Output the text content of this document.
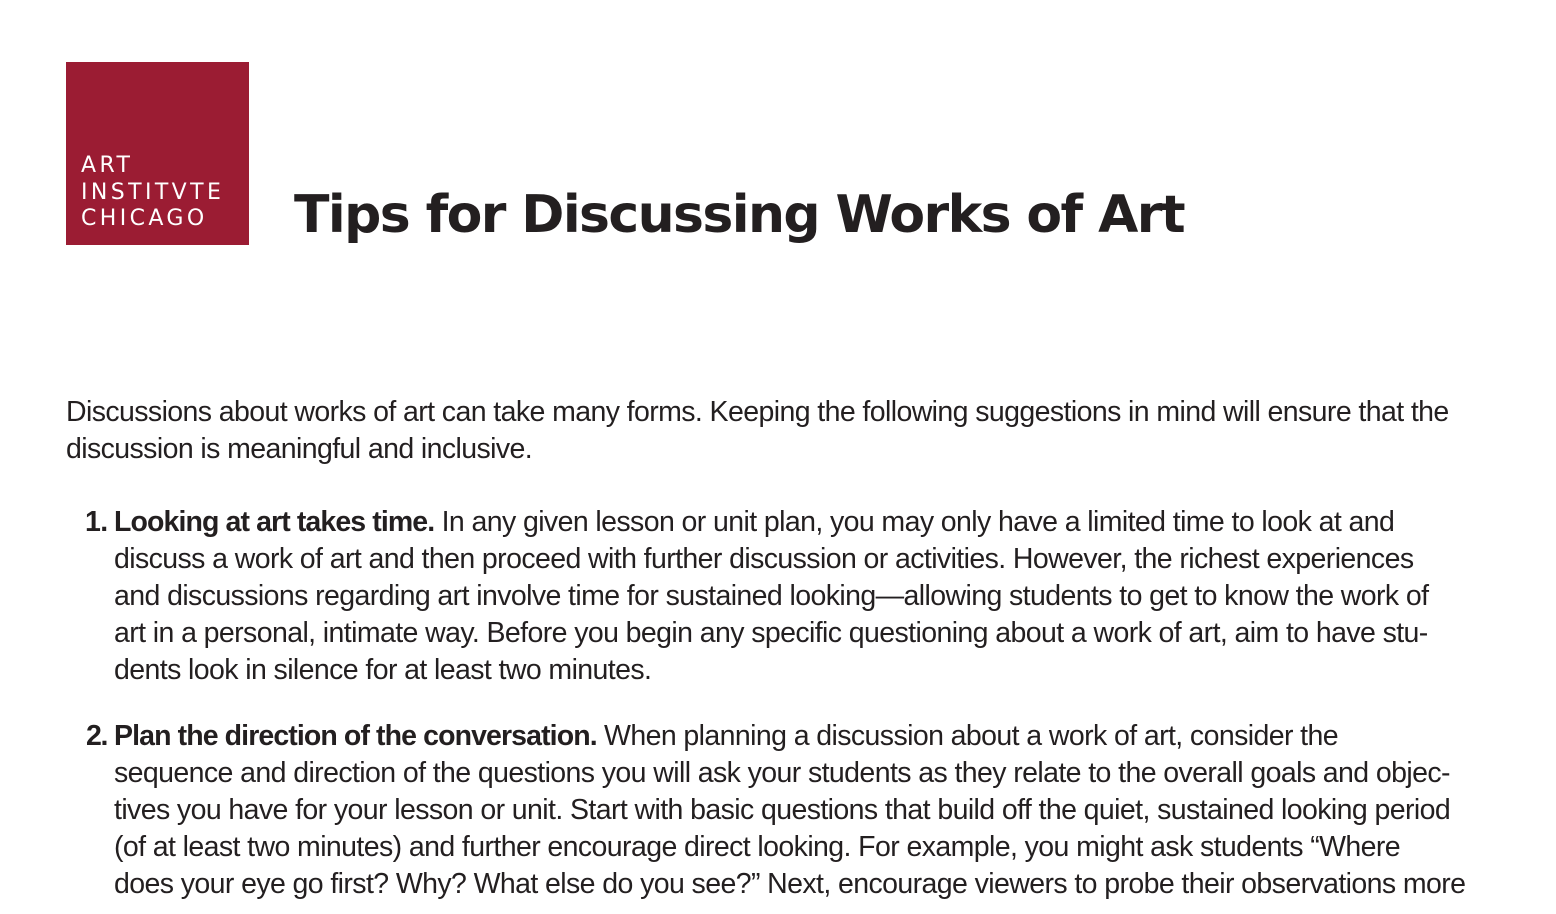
ART
INSTITVTE
CHICAGO	Tips for Discussing Works of Art

Discussions about works of art can take many forms. Keeping the following suggestions in mind will ensure that the
discussion is meaningful and inclusive.

1. Looking at art takes time. In any given lesson or unit plan, you may only have a limited time to look at and
discuss a work of art and then proceed with further discussion or activities. However, the richest experiences
and discussions regarding art involve time for sustained looking—allowing students to get to know the work of
art in a personal, intimate way. Before you begin any specific questioning about a work of art, aim to have stu-
dents look in silence for at least two minutes.
2. Plan the direction of the conversation. When planning a discussion about a work of art, consider the
sequence and direction of the questions you will ask your students as they relate to the overall goals and objec-
tives you have for your lesson or unit. Start with basic questions that build off the quiet, sustained looking period
(of at least two minutes) and further encourage direct looking. For example, you might ask students “Where
does your eye go first? Why? What else do you see?” Next, encourage viewers to probe their observations more
